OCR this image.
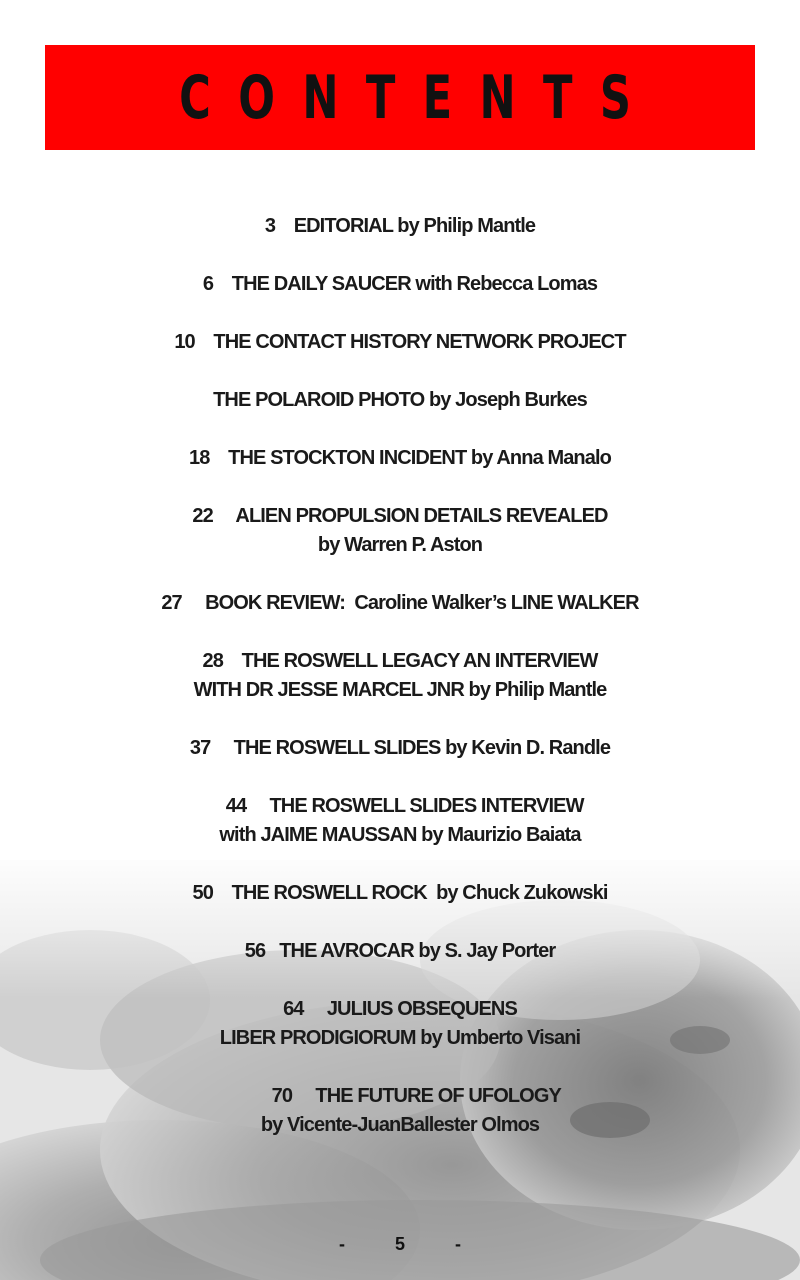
CONTENTS
3 EDITORIAL by Philip Mantle
6 THE DAILY SAUCER with Rebecca Lomas
10 THE CONTACT HISTORY NETWORK PROJECT
THE POLAROID PHOTO by Joseph Burkes
18 THE STOCKTON INCIDENT by Anna Manalo
22 ALIEN PROPULSION DETAILS REVEALED
by Warren P. Aston
27 BOOK REVIEW:  Caroline Walker’s LINE WALKER
28 THE ROSWELL LEGACY AN INTERVIEW
WITH DR JESSE MARCEL JNR by Philip Mantle
37 THE ROSWELL SLIDES by Kevin D. Randle
44 THE ROSWELL SLIDES INTERVIEW
with JAIME MAUSSAN by Maurizio Baiata
50 THE ROSWELL ROCK  by Chuck Zukowski
56 THE AVROCAR by S. Jay Porter
64 JULIUS OBSEQUENS
LIBER PRODIGIORUM by Umberto Visani
70 THE FUTURE OF UFOLOGY
by Vicente-JuanBallester Olmos
-          5          -
